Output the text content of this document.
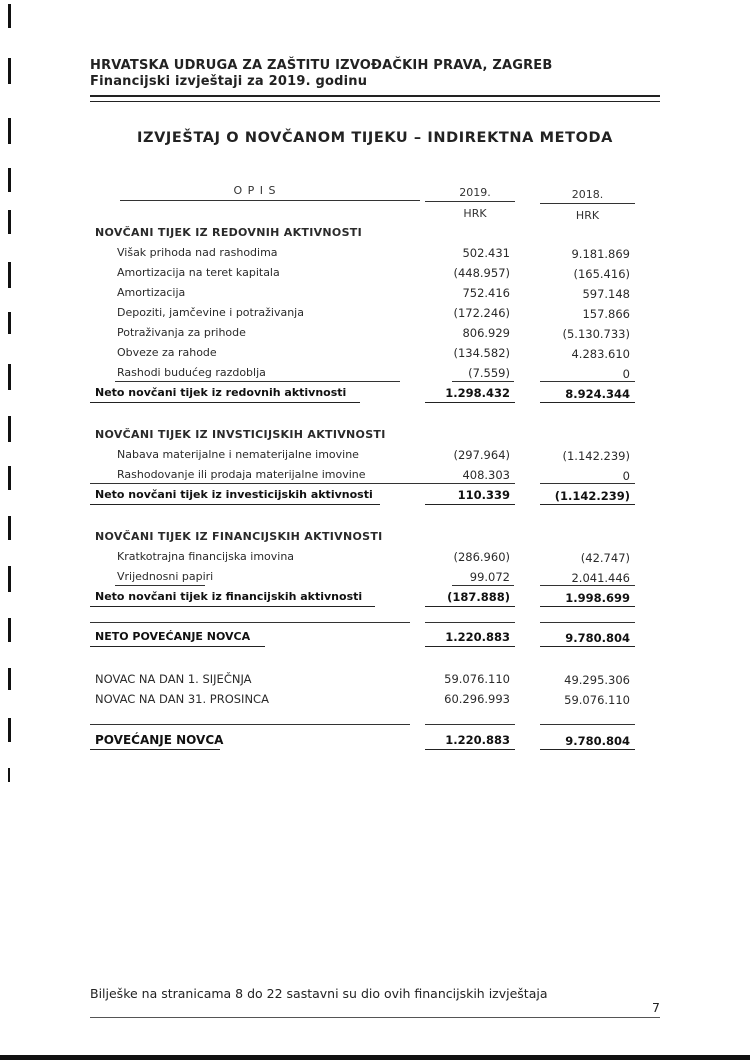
HRVATSKA UDRUGA ZA ZAŠTITU IZVOĐAČKIH PRAVA, ZAGREB
Financijski izvještaji za 2019. godinu
IZVJEŠTAJ O NOVČANOM TIJEKU – INDIREKTNA METODA
O P I S	2019.	2018.
HRK	HRK
NOVČANI TIJEK IZ REDOVNIH AKTIVNOSTI
Višak prihoda nad rashodima	502.431	9.181.869
Amortizacija na teret kapitala	(448.957)	(165.416)
Amortizacija	752.416	597.148
Depoziti, jamčevine i potraživanja	(172.246)	157.866
Potraživanja za prihode	806.929	(5.130.733)
Obveze za rahode	(134.582)	4.283.610
Rashodi budućeg razdoblja	(7.559)	0
Neto novčani tijek iz redovnih aktivnosti	1.298.432	8.924.344
NOVČANI TIJEK IZ INVSTICIJSKIH AKTIVNOSTI
Nabava materijalne i nematerijalne imovine	(297.964)	(1.142.239)
Rashodovanje ili prodaja materijalne imovine	408.303	0
Neto novčani tijek iz investicijskih aktivnosti	110.339	(1.142.239)
NOVČANI TIJEK IZ FINANCIJSKIH AKTIVNOSTI
Kratkotrajna financijska imovina	(286.960)	(42.747)
Vrijednosni papiri	99.072	2.041.446
Neto novčani tijek iz financijskih aktivnosti	(187.888)	1.998.699
NETO POVEĆANJE NOVCA	1.220.883	9.780.804
NOVAC NA DAN 1. SIJEČNJA	59.076.110	49.295.306
NOVAC NA DAN 31. PROSINCA	60.296.993	59.076.110
POVEĆANJE NOVCA	1.220.883	9.780.804
Bilješke na stranicama 8 do 22 sastavni su dio ovih financijskih izvještaja
7
